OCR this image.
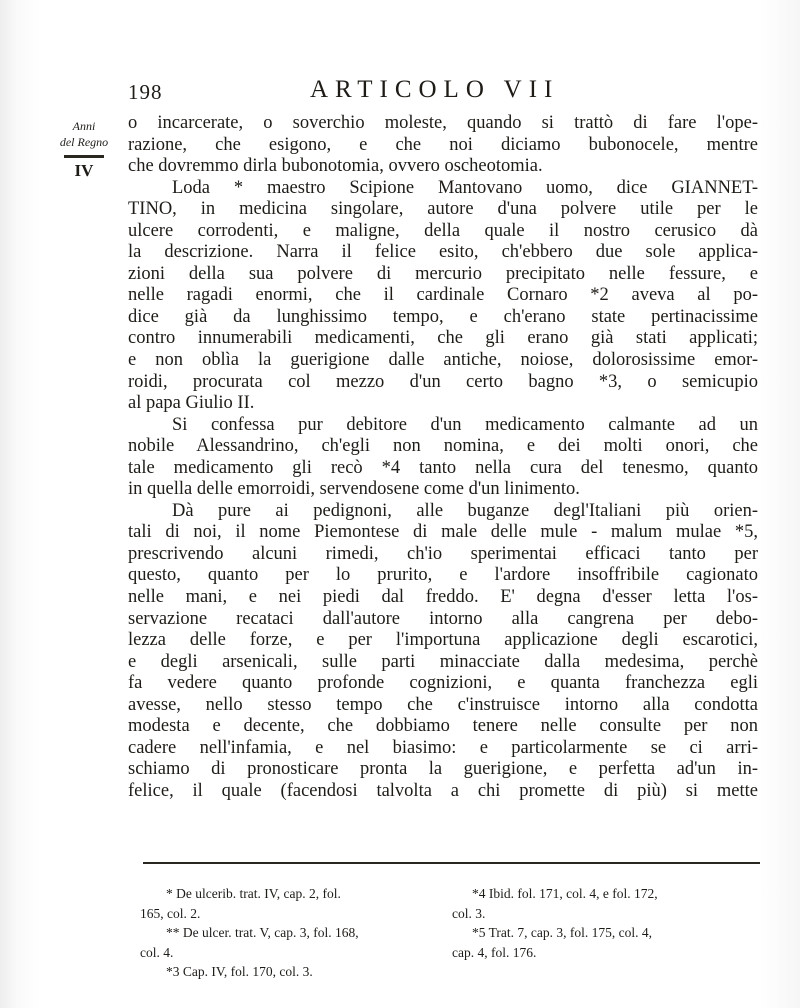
198	ARTICOLO VII
Anni
del Regno
IV
o incarcerate, o soverchio moleste, quando si trattò di fare l'ope-
razione, che esigono, e che noi diciamo bubonocele, mentre
che dovremmo dirla bubonotomia, ovvero oscheotomia.
Loda * maestro Scipione Mantovano uomo, dice GIANNET-
TINO, in medicina singolare, autore d'una polvere utile per le
ulcere corrodenti, e maligne, della quale il nostro cerusico dà
la descrizione. Narra il felice esito, ch'ebbero due sole applica-
zioni della sua polvere di mercurio precipitato nelle fessure, e
nelle ragadi enormi, che il cardinale Cornaro *2 aveva al po-
dice già da lunghissimo tempo, e ch'erano state pertinacissime
contro innumerabili medicamenti, che gli erano già stati applicati;
e non oblìa la guerigione dalle antiche, noiose, dolorosissime emor-
roidi, procurata col mezzo d'un certo bagno *3, o semicupio
al papa Giulio II.
Si confessa pur debitore d'un medicamento calmante ad un
nobile Alessandrino, ch'egli non nomina, e dei molti onori, che
tale medicamento gli recò *4 tanto nella cura del tenesmo, quanto
in quella delle emorroidi, servendosene come d'un linimento.
Dà pure ai pedignoni, alle buganze degl'Italiani più orien-
tali di noi, il nome Piemontese di male delle mule - malum mulae *5,
prescrivendo alcuni rimedi, ch'io sperimentai efficaci tanto per
questo, quanto per lo prurito, e l'ardore insoffribile cagionato
nelle mani, e nei piedi dal freddo. E' degna d'esser letta l'os-
servazione recataci dall'autore intorno alla cangrena per debo-
lezza delle forze, e per l'importuna applicazione degli escarotici,
e degli arsenicali, sulle parti minacciate dalla medesima, perchè
fa vedere quanto profonde cognizioni, e quanta franchezza egli
avesse, nello stesso tempo che c'instruisce intorno alla condotta
modesta e decente, che dobbiamo tenere nelle consulte per non
cadere nell'infamia, e nel biasimo: e particolarmente se ci arri-
schiamo di pronosticare pronta la guerigione, e perfetta ad'un in-
felice, il quale (facendosi talvolta a chi promette di più) si mette
* De ulcerib. trat. IV, cap. 2, fol.
165, col. 2.
** De ulcer. trat. V, cap. 3, fol. 168,
col. 4.
*3 Cap. IV, fol. 170, col. 3.
*4 Ibid. fol. 171, col. 4, e fol. 172,
col. 3.
*5 Trat. 7, cap. 3, fol. 175, col. 4,
cap. 4, fol. 176.
